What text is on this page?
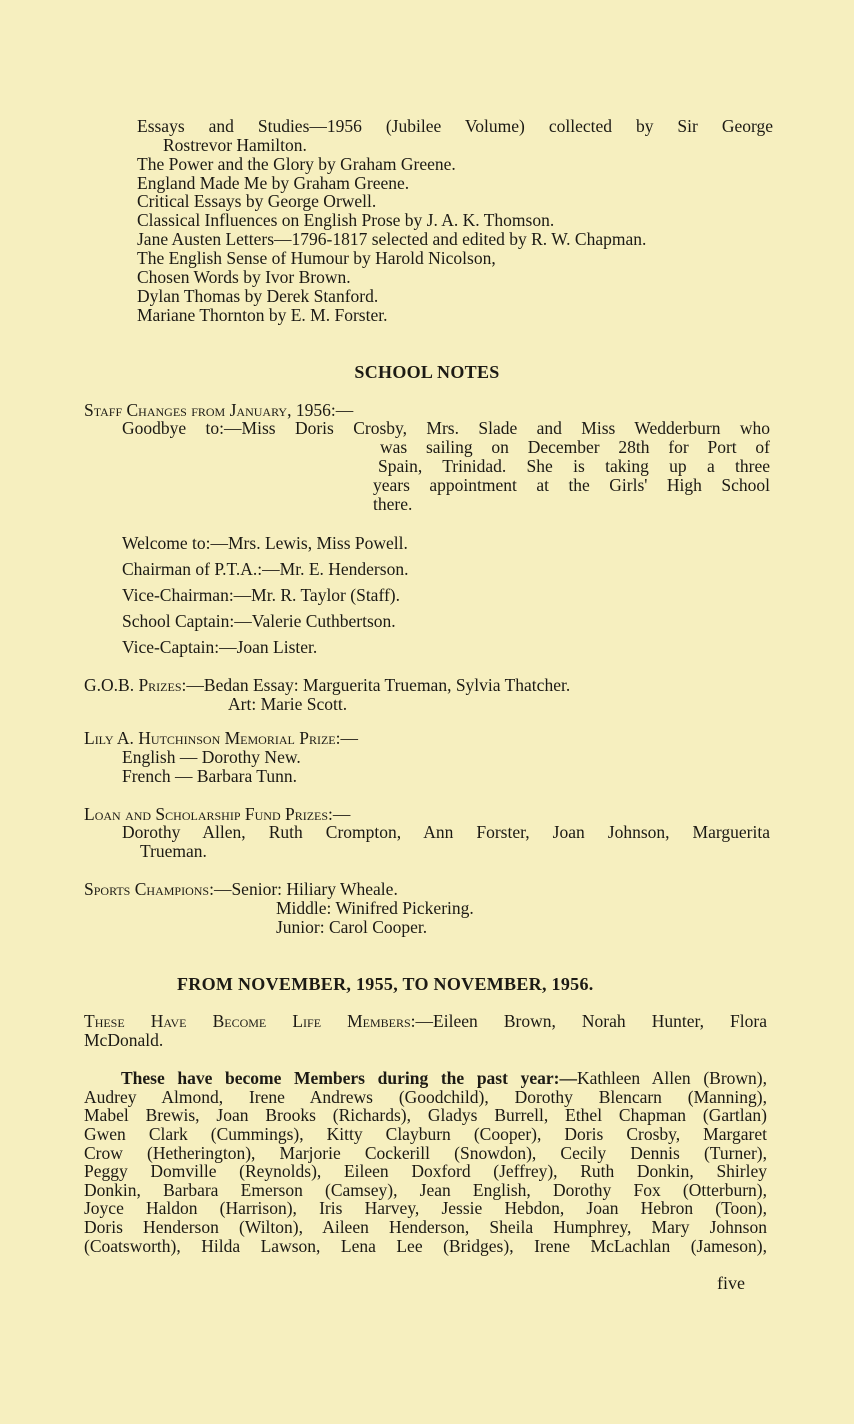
Essays and Studies—1956 (Jubilee Volume) collected by Sir George
Rostrevor Hamilton.
The Power and the Glory by Graham Greene.
England Made Me by Graham Greene.
Critical Essays by George Orwell.
Classical Influences on English Prose by J. A. K. Thomson.
Jane Austen Letters—1796-1817 selected and edited by R. W. Chapman.
The English Sense of Humour by Harold Nicolson,
Chosen Words by Ivor Brown.
Dylan Thomas by Derek Stanford.
Mariane Thornton by E. M. Forster.
SCHOOL NOTES
Staff Changes from January, 1956:—
Goodbye to:—Miss Doris Crosby, Mrs. Slade and Miss Wedderburn who
was sailing on December 28th for Port of
Spain, Trinidad. She is taking up a three
years appointment at the Girls' High School
there.
Welcome to:—Mrs. Lewis, Miss Powell.
Chairman of P.T.A.:—Mr. E. Henderson.
Vice-Chairman:—Mr. R. Taylor (Staff).
School Captain:—Valerie Cuthbertson.
Vice-Captain:—Joan Lister.
G.O.B. Prizes:—Bedan Essay: Marguerita Trueman, Sylvia Thatcher.
Art: Marie Scott.
Lily A. Hutchinson Memorial Prize:—
English — Dorothy New.
French — Barbara Tunn.
Loan and Scholarship Fund Prizes:—
Dorothy Allen, Ruth Crompton, Ann Forster, Joan Johnson, Marguerita
Trueman.
Sports Champions:—Senior: Hiliary Wheale.
Middle: Winifred Pickering.
Junior: Carol Cooper.
FROM NOVEMBER, 1955, TO NOVEMBER, 1956.
These Have Become Life Members:—Eileen Brown, Norah Hunter, Flora
McDonald.
These have become Members during the past year:—Kathleen Allen (Brown),
Audrey Almond, Irene Andrews (Goodchild), Dorothy Blencarn (Manning),
Mabel Brewis, Joan Brooks (Richards), Gladys Burrell, Ethel Chapman (Gartlan)
Gwen Clark (Cummings), Kitty Clayburn (Cooper), Doris Crosby, Margaret
Crow (Hetherington), Marjorie Cockerill (Snowdon), Cecily Dennis (Turner),
Peggy Domville (Reynolds), Eileen Doxford (Jeffrey), Ruth Donkin, Shirley
Donkin, Barbara Emerson (Camsey), Jean English, Dorothy Fox (Otterburn),
Joyce Haldon (Harrison), Iris Harvey, Jessie Hebdon, Joan Hebron (Toon),
Doris Henderson (Wilton), Aileen Henderson, Sheila Humphrey, Mary Johnson
(Coatsworth), Hilda Lawson, Lena Lee (Bridges), Irene McLachlan (Jameson),
five
